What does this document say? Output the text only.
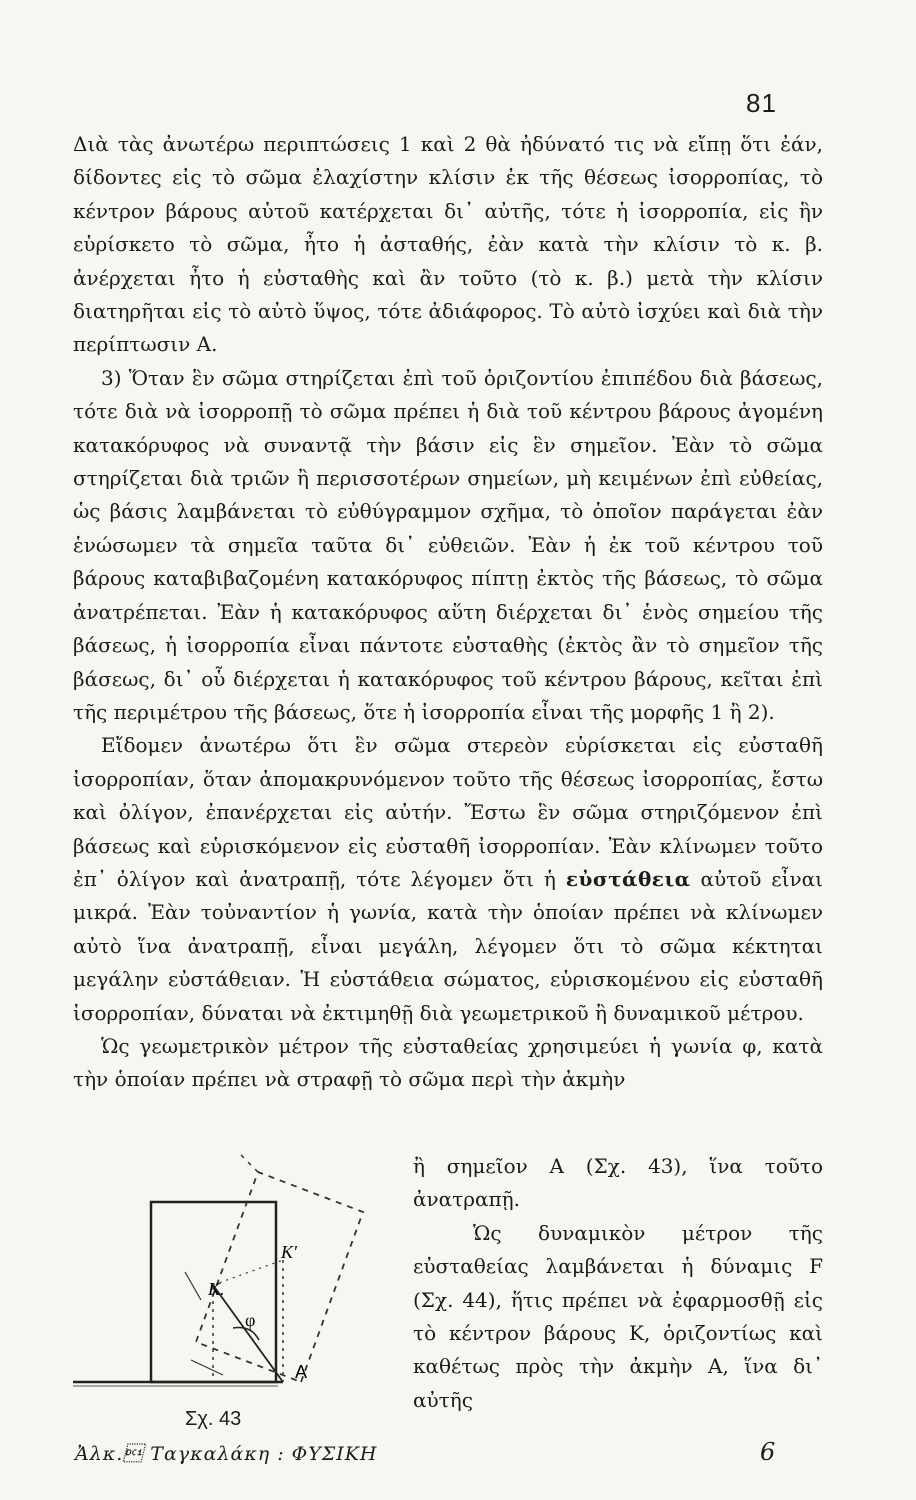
81

Διὰ τὰς ἀνωτέρω περιπτώσεις 1 καὶ 2 θὰ ἠδύνατό τις νὰ εἴπῃ ὅτι ἐάν, δίδοντες εἰς τὸ σῶμα ἐλαχίστην κλίσιν ἐκ τῆς θέσεως ἰσορροπίας, τὸ κέντρον βάρους αὐτοῦ κατέρχεται δι᾿ αὐτῆς, τότε ἡ ἰσορροπία, εἰς ἣν εὑρίσκετο τὸ σῶμα, ἦτο ἡ ἀσταθής, ἐὰν κατὰ τὴν κλίσιν τὸ κ. β. ἀνέρχεται ἦτο ἡ εὐσταθὴς καὶ ἂν τοῦτο (τὸ κ. β.) μετὰ τὴν κλίσιν διατηρῆται εἰς τὸ αὐτὸ ὕψος, τότε ἀδιάφορος. Τὸ αὐτὸ ἰσχύει καὶ διὰ τὴν περίπτωσιν Α.

3) Ὅταν ἓν σῶμα στηρίζεται ἐπὶ τοῦ ὁριζοντίου ἐπιπέδου διὰ βάσεως, τότε διὰ νὰ ἰσορροπῇ τὸ σῶμα πρέπει ἡ διὰ τοῦ κέντρου βάρους ἀγομένη κατακόρυφος νὰ συναντᾷ τὴν βάσιν εἰς ἓν σημεῖον. Ἐὰν τὸ σῶμα στηρίζεται διὰ τριῶν ἢ περισσοτέρων σημείων, μὴ κειμένων ἐπὶ εὐθείας, ὡς βάσις λαμβάνεται τὸ εὐθύγραμμον σχῆμα, τὸ ὁποῖον παράγεται ἐὰν ἑνώσωμεν τὰ σημεῖα ταῦτα δι᾿ εὐθειῶν. Ἐὰν ἡ ἐκ τοῦ κέντρου τοῦ βάρους καταβιβαζομένη κατακόρυφος πίπτῃ ἐκτὸς τῆς βάσεως, τὸ σῶμα ἀνατρέπεται. Ἐὰν ἡ κατακόρυφος αὕτη διέρχεται δι᾿ ἑνὸς σημείου τῆς βάσεως, ἡ ἰσορροπία εἶναι πάντοτε εὐσταθὴς (ἐκτὸς ἂν τὸ σημεῖον τῆς βάσεως, δι᾿ οὗ διέρχεται ἡ κατακόρυφος τοῦ κέντρου βάρους, κεῖται ἐπὶ τῆς περιμέτρου τῆς βάσεως, ὅτε ἡ ἰσορροπία εἶναι τῆς μορφῆς 1 ἢ 2).

Εἴδομεν ἀνωτέρω ὅτι ἓν σῶμα στερεὸν εὑρίσκεται εἰς εὐσταθῆ ἰσορροπίαν, ὅταν ἀπομακρυνόμενον τοῦτο τῆς θέσεως ἰσορροπίας, ἔστω καὶ ὀλίγον, ἐπανέρχεται εἰς αὐτήν. Ἔστω ἓν σῶμα στηριζόμενον ἐπὶ βάσεως καὶ εὑρισκόμενον εἰς εὐσταθῆ ἰσορροπίαν. Ἐὰν κλίνωμεν τοῦτο ἐπ᾿ ὀλίγον καὶ ἀνατραπῇ, τότε λέγομεν ὅτι ἡ εὐστάθεια αὐτοῦ εἶναι μικρά. Ἐὰν τοὐναντίον ἡ γωνία, κατὰ τὴν ὁποίαν πρέπει νὰ κλίνωμεν αὐτὸ ἵνα ἀνατραπῇ, εἶναι μεγάλη, λέγομεν ὅτι τὸ σῶμα κέκτηται μεγάλην εὐστάθειαν. Ἡ εὐστάθεια σώματος, εὑρισκομένου εἰς εὐσταθῆ ἰσορροπίαν, δύναται νὰ ἐκτιμηθῇ διὰ γεωμετρικοῦ ἢ δυναμικοῦ μέτρου.

Ὡς γεωμετρικὸν μέτρον τῆς εὐσταθείας χρησιμεύει ἡ γωνία φ, κατὰ τὴν ὁποίαν πρέπει νὰ στραφῇ τὸ σῶμα περὶ τὴν ἀκμὴν

K.
K'
φ
A
Σχ. 43

ἢ σημεῖον Α (Σχ. 43), ἵνα τοῦτο ἀνατραπῇ.

Ὡς δυναμικὸν μέτρον τῆς εὐσταθείας λαμβάνεται ἡ δύναμις F (Σχ. 44), ἥτις πρέπει νὰ ἐφαρμοσθῇ εἰς τὸ κέντρον βάρους Κ, ὁριζοντίως καὶ καθέτως πρὸς τὴν ἀκμὴν Α, ἵνα δι᾿ αὐτῆς

Ἀλκ. Ταγκαλάκη : ΦΥΣΙΚΗ	6
